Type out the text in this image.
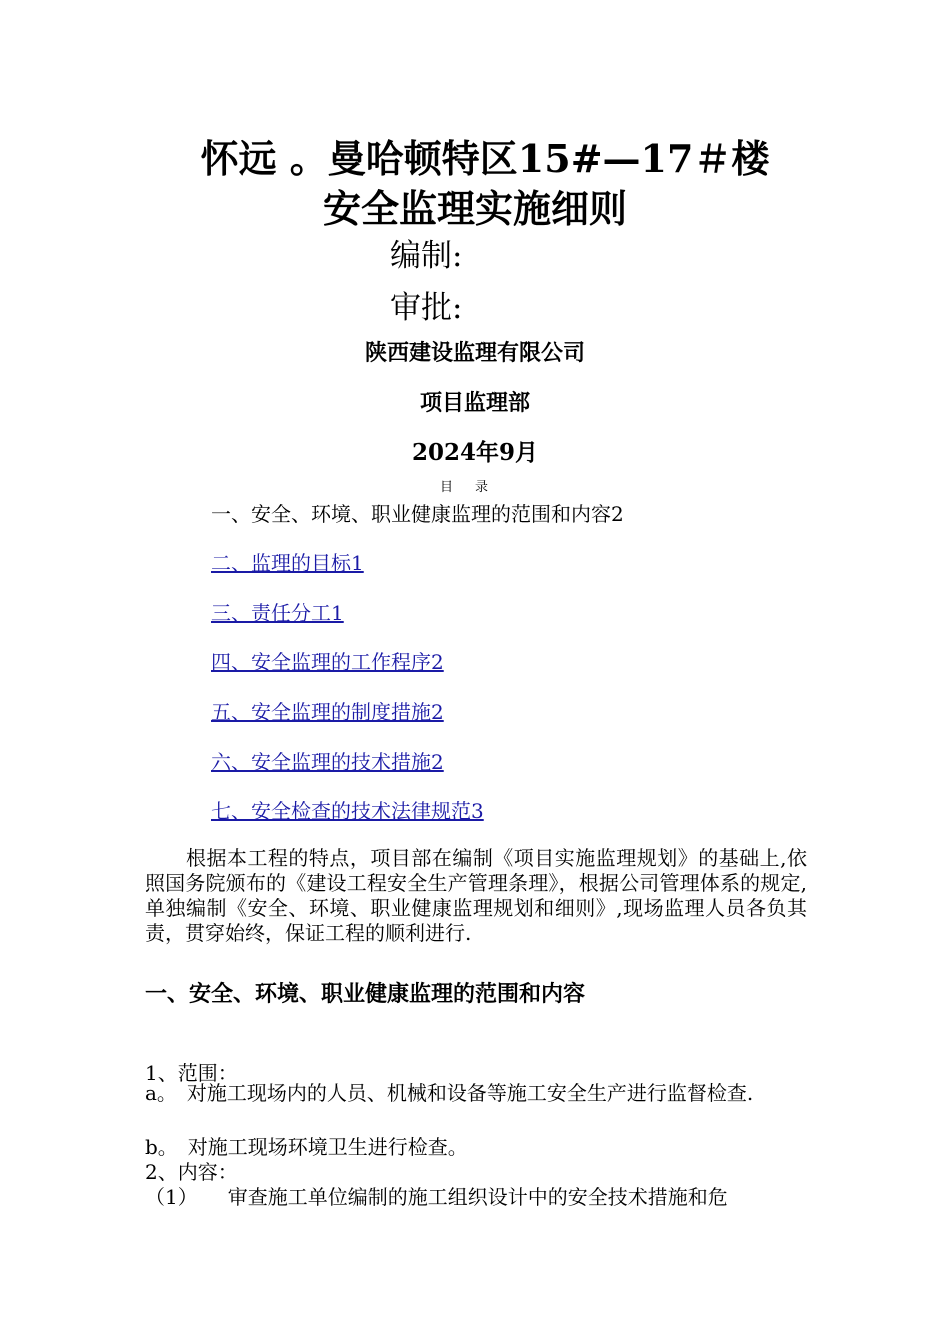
怀远 。曼哈顿特区15#—17＃楼
安全监理实施细则
编制:
审批:
陕西建设监理有限公司
项目监理部
2024年9月
目录
一、安全、环境、职业健康监理的范围和内容2
二、监理的目标1
三、责任分工1
四、安全监理的工作程序2
五、安全监理的制度措施2
六、安全监理的技术措施2
七、安全检查的技术法律规范3
　　根据本工程的特点，项目部在编制《项目实施监理规划》的基础上,依照国务院颁布的《建设工程安全生产管理条理》，根据公司管理体系的规定,单独编制《安全、环境、职业健康监理规划和细则》,现场监理人员各负其责，贯穿始终，保证工程的顺利进行.
一、安全、环境、职业健康监理的范围和内容
1、范围：
a。　对施工现场内的人员、机械和设备等施工安全生产进行监督检查.
b。　对施工现场环境卫生进行检查。
2、内容：
（1）　　审查施工单位编制的施工组织设计中的安全技术措施和危
